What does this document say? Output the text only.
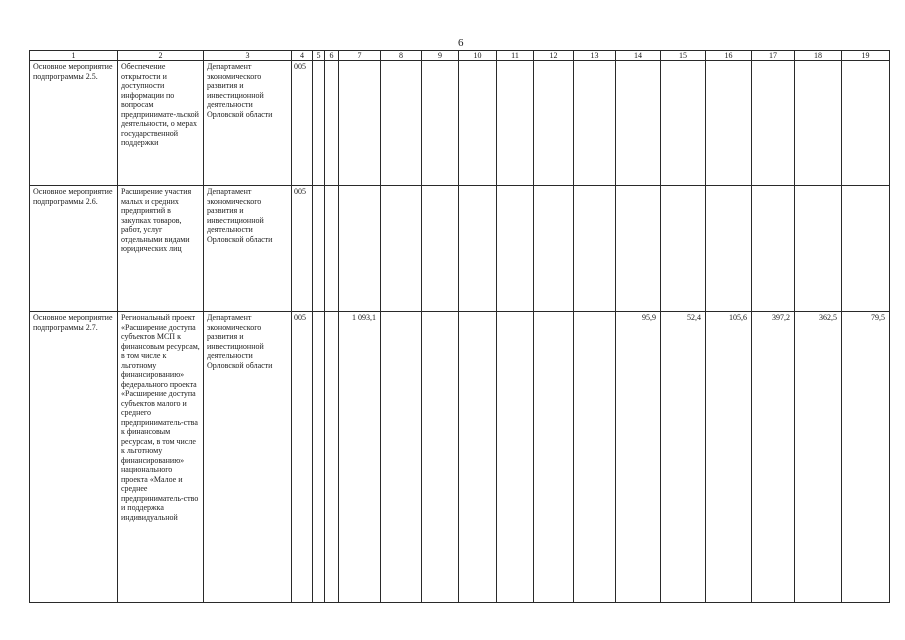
6
1	2	3	4	5	6	7	8	9	10	11	12	13	14	15	16	17	18	19
Основное мероприятие подпрограммы 2.5.	Обеспечение открытости и доступности информации по вопросам предпринимате-льской деятельности, о мерах государственной поддержки	Департамент экономического развития и инвестиционной деятельности Орловской области	005															
Основное мероприятие подпрограммы 2.6.	Расширение участия малых и средних предприятий в закупках товаров, работ, услуг отдельными видами юридических лиц	Департамент экономического развития и инвестиционной деятельности Орловской области	005															
Основное мероприятие подпрограммы 2.7.	Региональный проект «Расширение доступа субъектов МСП к финансовым ресурсам, в том числе к льготному финансированию» федерального проекта «Расширение доступа субъектов малого и среднего предприниматель-ства к финансовым ресурсам, в том числе к льготному финансированию» национального проекта «Малое и среднее предприниматель-ство и поддержка индивидуальной	Департамент экономического развития и инвестиционной деятельности Орловской области	005			1 093,1							95,9	52,4	105,6	397,2	362,5	79,5
